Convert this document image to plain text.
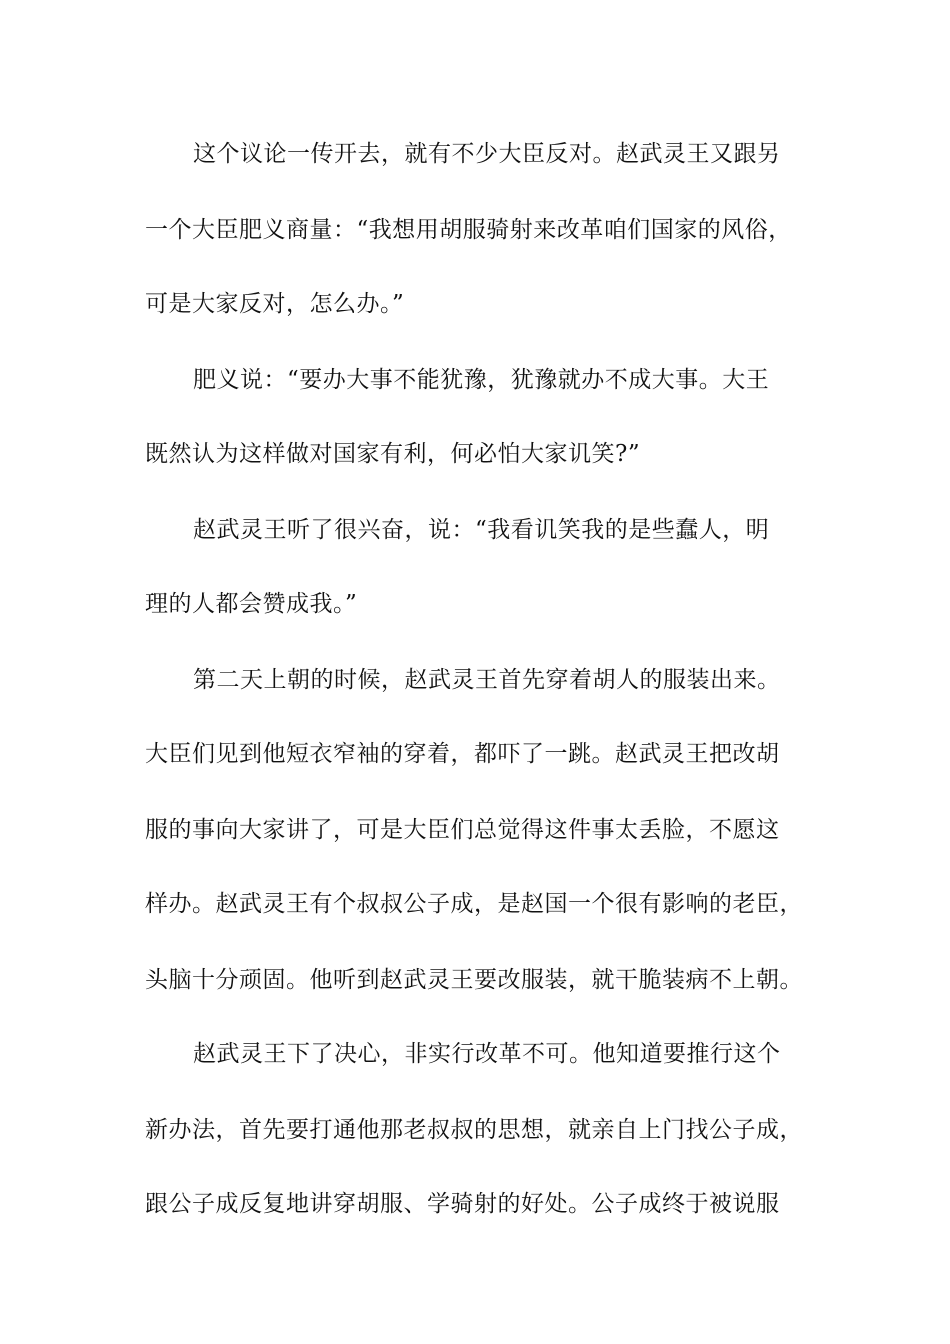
这个议论一传开去，就有不少大臣反对。赵武灵王又跟另
一个大臣肥义商量：“我想用胡服骑射来改革咱们国家的风俗，
可是大家反对，怎么办。”
肥义说：“要办大事不能犹豫，犹豫就办不成大事。大王
既然认为这样做对国家有利，何必怕大家讥笑?”
赵武灵王听了很兴奋，说：“我看讥笑我的是些蠢人，明
理的人都会赞成我。”
第二天上朝的时候，赵武灵王首先穿着胡人的服装出来。
大臣们见到他短衣窄袖的穿着，都吓了一跳。赵武灵王把改胡
服的事向大家讲了，可是大臣们总觉得这件事太丢脸，不愿这
样办。赵武灵王有个叔叔公子成，是赵国一个很有影响的老臣，
头脑十分顽固。他听到赵武灵王要改服装，就干脆装病不上朝。
赵武灵王下了决心，非实行改革不可。他知道要推行这个
新办法，首先要打通他那老叔叔的思想，就亲自上门找公子成，
跟公子成反复地讲穿胡服、学骑射的好处。公子成终于被说服
